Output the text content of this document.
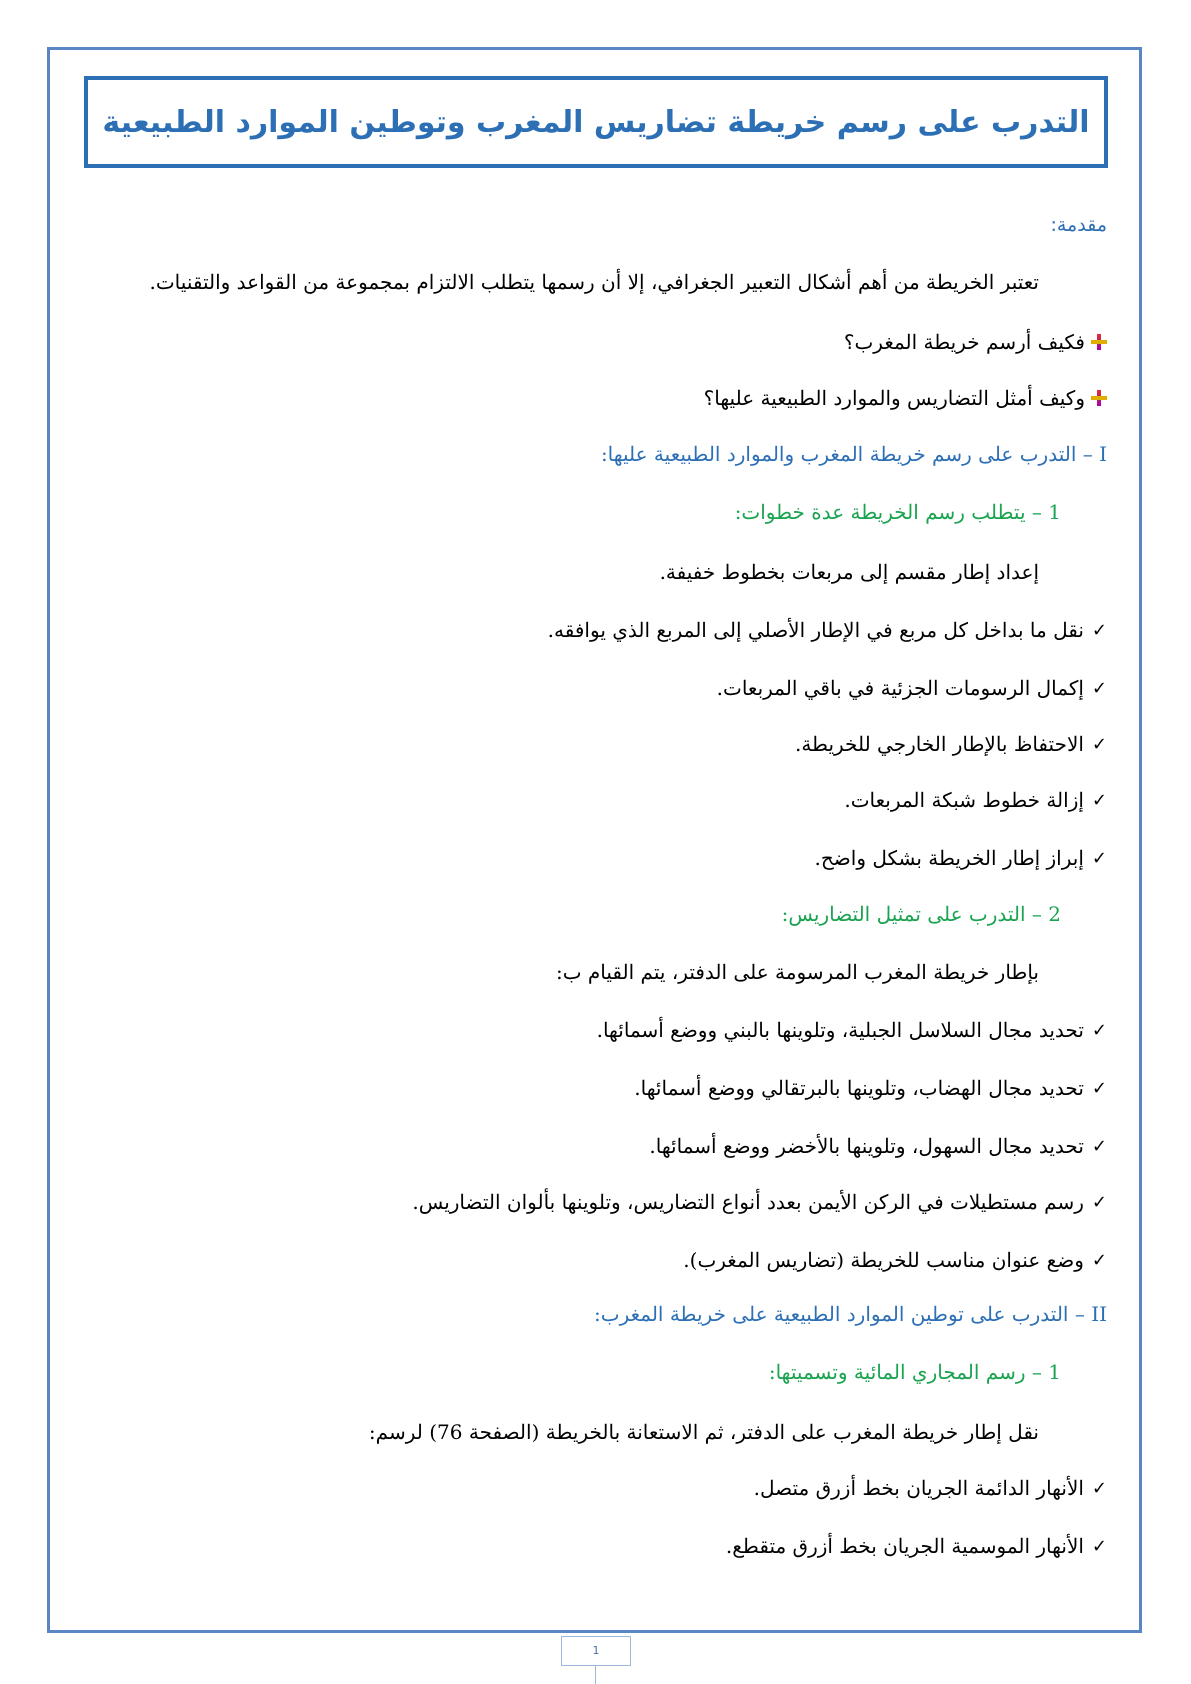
التدرب على رسم خريطة تضاريس المغرب وتوطين الموارد الطبيعية
مقدمة:
تعتبر الخريطة من أهم أشكال التعبير الجغرافي، إلا أن رسمها يتطلب الالتزام بمجموعة من القواعد والتقنيات.
فكيف أرسم خريطة المغرب؟
وكيف أمثل التضاريس والموارد الطبيعية عليها؟
I – التدرب على رسم خريطة المغرب والموارد الطبيعية عليها:
1 – يتطلب رسم الخريطة عدة خطوات:
إعداد إطار مقسم إلى مربعات بخطوط خفيفة.
✓
نقل ما بداخل كل مربع في الإطار الأصلي إلى المربع الذي يوافقه.
✓
إكمال الرسومات الجزئية في باقي المربعات.
✓
الاحتفاظ بالإطار الخارجي للخريطة.
✓
إزالة خطوط شبكة المربعات.
✓
إبراز إطار الخريطة بشكل واضح.
2 – التدرب على تمثيل التضاريس:
بإطار خريطة المغرب المرسومة على الدفتر، يتم القيام ب:
✓
تحديد مجال السلاسل الجبلية، وتلوينها بالبني ووضع أسمائها.
✓
تحديد مجال الهضاب، وتلوينها بالبرتقالي ووضع أسمائها.
✓
تحديد مجال السهول، وتلوينها بالأخضر ووضع أسمائها.
✓
رسم مستطيلات في الركن الأيمن بعدد أنواع التضاريس، وتلوينها بألوان التضاريس.
✓
وضع عنوان مناسب للخريطة (تضاريس المغرب).
II – التدرب على توطين الموارد الطبيعية على خريطة المغرب:
1 – رسم المجاري المائية وتسميتها:
نقل إطار خريطة المغرب على الدفتر، ثم الاستعانة بالخريطة (الصفحة 76) لرسم:
✓
الأنهار الدائمة الجريان بخط أزرق متصل.
✓
الأنهار الموسمية الجريان بخط أزرق متقطع.
1
